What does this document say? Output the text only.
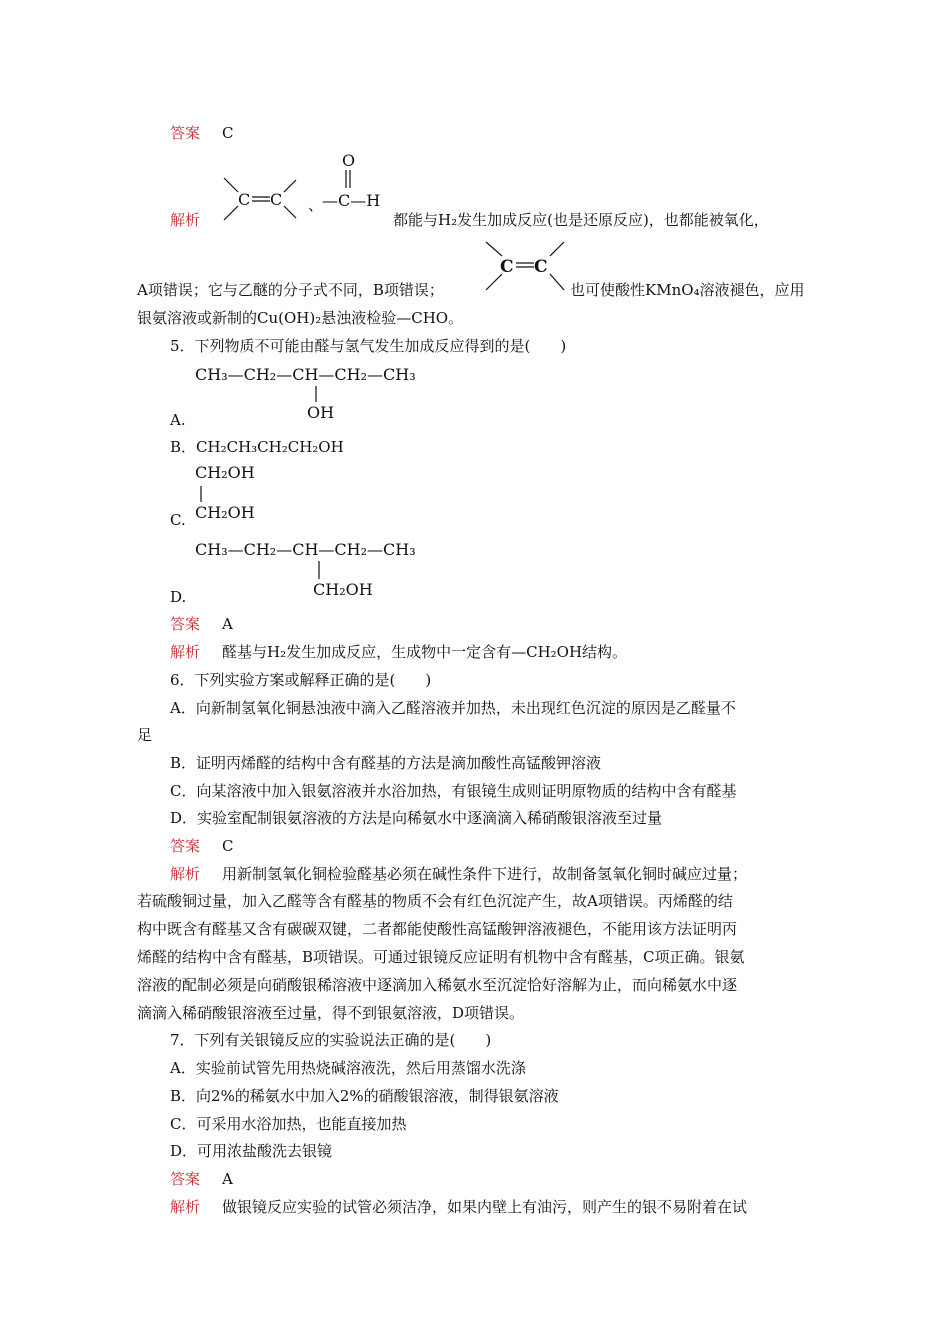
答案 C
C C 、
O
—C—H
解析	都能与H₂发生加成反应(也是还原反应)，也都能被氧化，
C C
A项错误；它与乙醚的分子式不同，B项错误；	也可使酸性KMnO₄溶液褪色，应用
银氨溶液或新制的Cu(OH)₂悬浊液检验—CHO。
5．下列物质不可能由醛与氢气发生加成反应得到的是(　　)
CH₃—CH₂—CH—CH₂—CH₃
OH
A.
B．CH₂CH₃CH₂CH₂OH
CH₂OH
CH₂OH
C.
CH₃—CH₂—CH—CH₂—CH₃
CH₂OH
D.
答案 A
解析 醛基与H₂发生加成反应，生成物中一定含有—CH₂OH结构。
6．下列实验方案或解释正确的是(　　)
A．向新制氢氧化铜悬浊液中滴入乙醛溶液并加热，未出现红色沉淀的原因是乙醛量不
足
B．证明丙烯醛的结构中含有醛基的方法是滴加酸性高锰酸钾溶液
C．向某溶液中加入银氨溶液并水浴加热，有银镜生成则证明原物质的结构中含有醛基
D．实验室配制银氨溶液的方法是向稀氨水中逐滴滴入稀硝酸银溶液至过量
答案 C
解析 用新制氢氧化铜检验醛基必须在碱性条件下进行，故制备氢氧化铜时碱应过量；
若硫酸铜过量，加入乙醛等含有醛基的物质不会有红色沉淀产生，故A项错误。丙烯醛的结
构中既含有醛基又含有碳碳双键，二者都能使酸性高锰酸钾溶液褪色，不能用该方法证明丙
烯醛的结构中含有醛基，B项错误。可通过银镜反应证明有机物中含有醛基，C项正确。银氨
溶液的配制必须是向硝酸银稀溶液中逐滴加入稀氨水至沉淀恰好溶解为止，而向稀氨水中逐
滴滴入稀硝酸银溶液至过量，得不到银氨溶液，D项错误。
7．下列有关银镜反应的实验说法正确的是(　　)
A．实验前试管先用热烧碱溶液洗，然后用蒸馏水洗涤
B．向2%的稀氨水中加入2%的硝酸银溶液，制得银氨溶液
C．可采用水浴加热，也能直接加热
D．可用浓盐酸洗去银镜
答案 A
解析 做银镜反应实验的试管必须洁净，如果内壁上有油污，则产生的银不易附着在试
